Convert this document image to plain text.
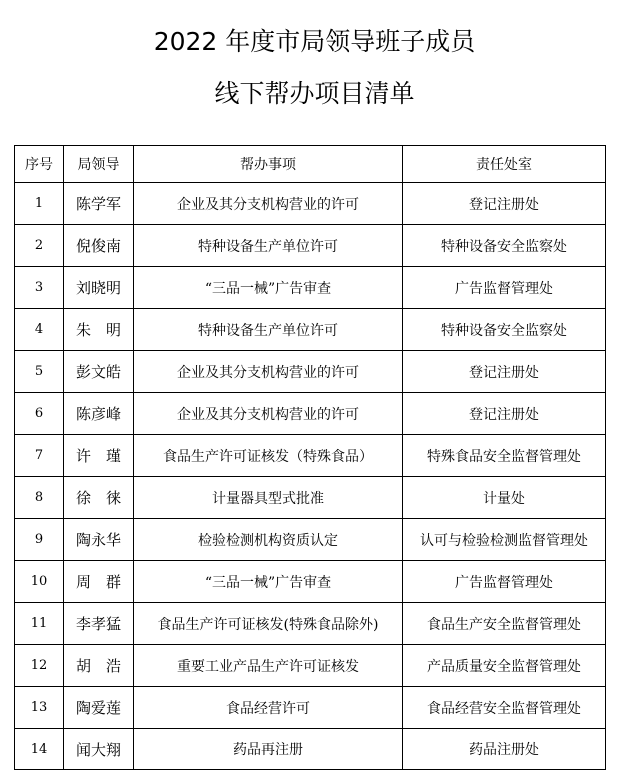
2022 年度市局领导班子成员
线下帮办项目清单
序号	局领导	帮办事项	责任处室
1	陈学军	企业及其分支机构营业的许可	登记注册处
2	倪俊南	特种设备生产单位许可	特种设备安全监察处
3	刘晓明	“三品一械”广告审查	广告监督管理处
4	朱　明	特种设备生产单位许可	特种设备安全监察处
5	彭文皓	企业及其分支机构营业的许可	登记注册处
6	陈彦峰	企业及其分支机构营业的许可	登记注册处
7	许　瑾	食品生产许可证核发（特殊食品）	特殊食品安全监督管理处
8	徐　徕	计量器具型式批准	计量处
9	陶永华	检验检测机构资质认定	认可与检验检测监督管理处
10	周　群	“三品一械”广告审查	广告监督管理处
11	李孝猛	食品生产许可证核发(特殊食品除外)	食品生产安全监督管理处
12	胡　浩	重要工业产品生产许可证核发	产品质量安全监督管理处
13	陶爱莲	食品经营许可	食品经营安全监督管理处
14	闻大翔	药品再注册	药品注册处
